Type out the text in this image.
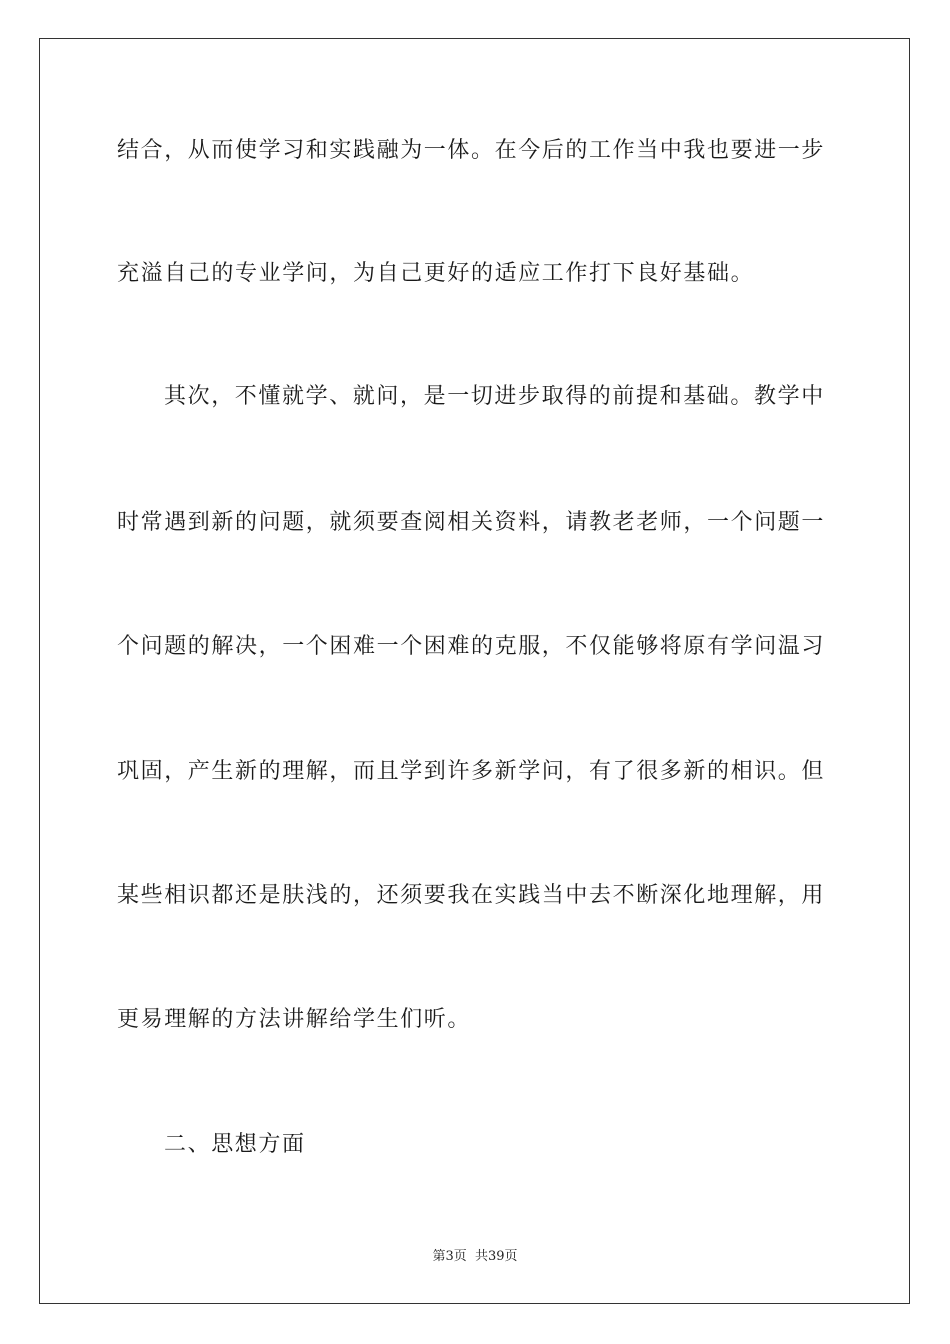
结合，从而使学习和实践融为一体。在今后的工作当中我也要进一步
充溢自己的专业学问，为自己更好的适应工作打下良好基础。
其次，不懂就学、就问，是一切进步取得的前提和基础。教学中
时常遇到新的问题，就须要查阅相关资料，请教老老师，一个问题一
个问题的解决，一个困难一个困难的克服，不仅能够将原有学问温习
巩固，产生新的理解，而且学到许多新学问，有了很多新的相识。但
某些相识都还是肤浅的，还须要我在实践当中去不断深化地理解，用
更易理解的方法讲解给学生们听。
二、思想方面
第3页 共39页
